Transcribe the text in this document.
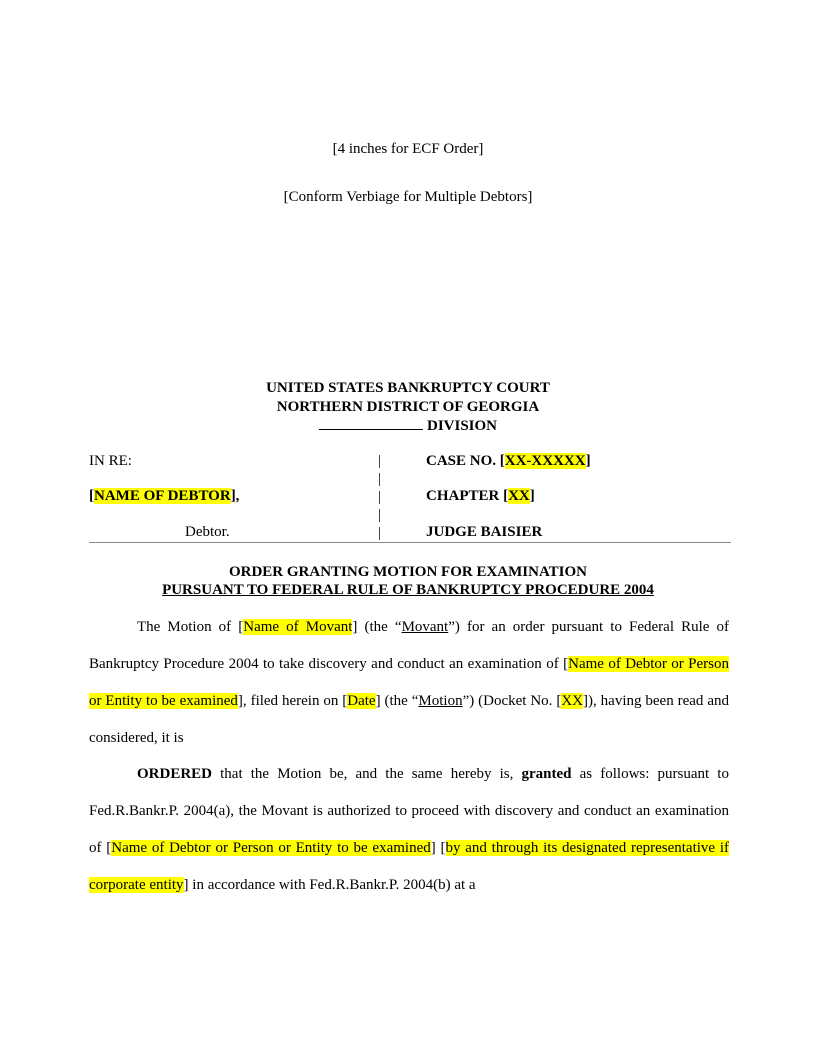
[4 inches for ECF Order]
[Conform Verbiage for Multiple Debtors]
UNITED STATES BANKRUPTCY COURT
NORTHERN DISTRICT OF GEORGIA
DIVISION
IN RE:
[NAME OF DEBTOR],
Debtor.
|
|
|
|
|
CASE NO. [XX-XXXXX]
CHAPTER [XX]
JUDGE BAISIER
ORDER GRANTING MOTION FOR EXAMINATION
PURSUANT TO FEDERAL RULE OF BANKRUPTCY PROCEDURE 2004

The Motion of [Name of Movant] (the “Movant”) for an order pursuant to Federal Rule of Bankruptcy Procedure 2004 to take discovery and conduct an examination of [Name of Debtor or Person or Entity to be examined], filed herein on [Date] (the “Motion”) (Docket No. [XX]), having been read and considered, it is

ORDERED that the Motion be, and the same hereby is, granted as follows: pursuant to Fed.R.Bankr.P. 2004(a), the Movant is authorized to proceed with discovery and conduct an examination of [Name of Debtor or Person or Entity to be examined] [by and through its designated representative if corporate entity] in accordance with Fed.R.Bankr.P. 2004(b) at a
